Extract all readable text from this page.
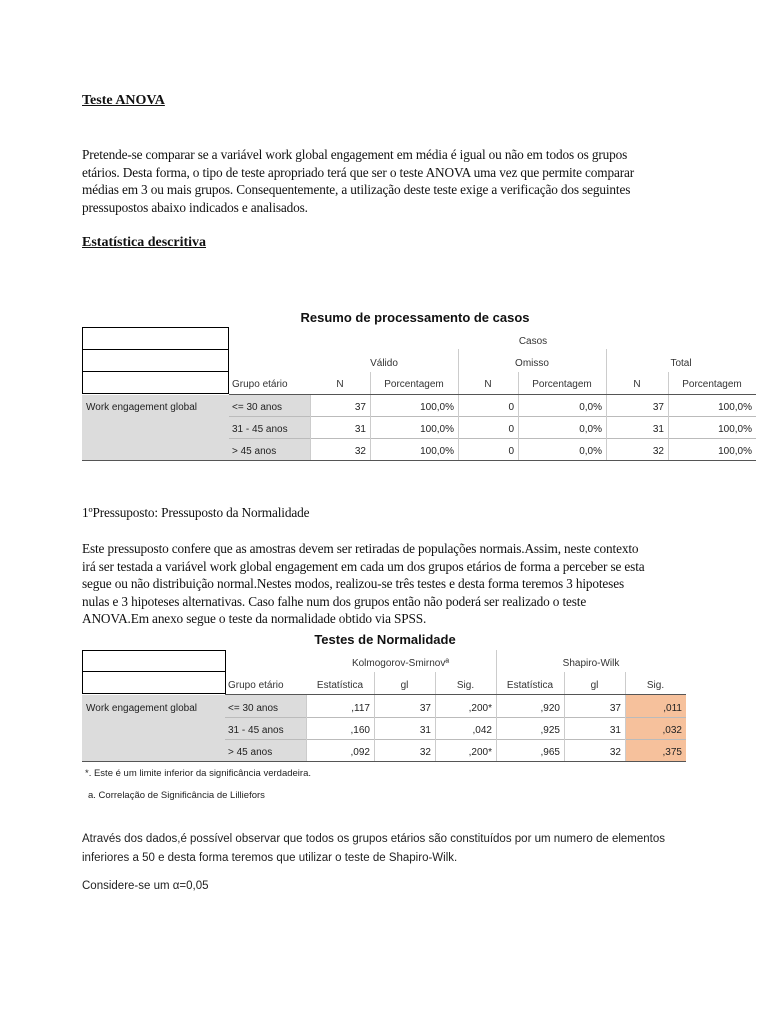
Teste ANOVA
Pretende-se comparar se a variável work global engagement em média é igual ou não em todos os grupos
etários. Desta forma, o tipo de teste apropriado terá que ser o teste ANOVA uma vez que permite comparar
médias em 3 ou mais grupos. Consequentemente, a utilização deste teste exige a verificação dos seguintes
pressupostos abaixo indicados e analisados.
Estatística descritiva
Resumo de processamento de casos
Casos
Válido	Omisso	Total
Grupo etário	N	Porcentagem	N	Porcentagem	N	Porcentagem
Work engagement global	<= 30 anos	37	100,0%	0	0,0%	37	100,0%
31 - 45 anos	31	100,0%	0	0,0%	31	100,0%
> 45 anos	32	100,0%	0	0,0%	32	100,0%
1ºPressuposto: Pressuposto da Normalidade
Este pressuposto confere que as amostras devem ser retiradas de populações normais.Assim, neste contexto
irá ser testada a variável work global engagement em cada um dos grupos etários de forma a perceber se esta
segue ou não distribuição normal.Nestes modos, realizou-se três testes e desta forma teremos 3 hipoteses
nulas e 3 hipoteses alternativas. Caso falhe num dos grupos então não poderá ser realizado o teste
ANOVA.Em anexo segue o teste da normalidade obtido via SPSS.
Testes de Normalidade
Kolmogorov-Smirnovª	Shapiro-Wilk
Grupo etário	Estatística	gl	Sig.	Estatística	gl	Sig.
Work engagement global	<= 30 anos	,117	37	,200*	,920	37	,011
31 - 45 anos	,160	31	,042	,925	31	,032
> 45 anos	,092	32	,200*	,965	32	,375
*. Este é um limite inferior da significância verdadeira.
a. Correlação de Significância de Lilliefors
Através dos dados,é possível observar que todos os grupos etários são constituídos por um numero de elementos
inferiores a 50 e desta forma teremos que utilizar o teste de Shapiro-Wilk.
Considere-se um α=0,05
